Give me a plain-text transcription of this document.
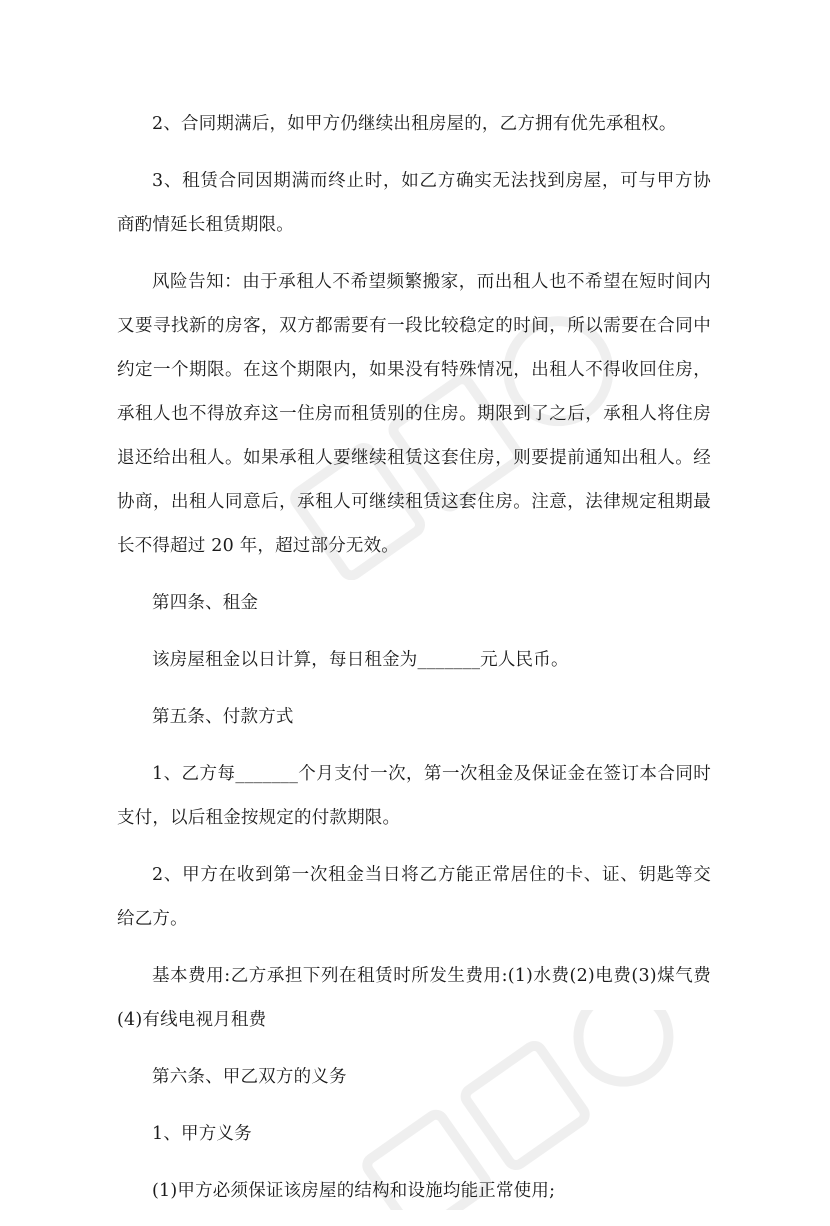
2、合同期满后，如甲方仍继续出租房屋的，乙方拥有优先承租权。

3、租赁合同因期满而终止时，如乙方确实无法找到房屋，可与甲方协商酌情延长租赁期限。

风险告知：由于承租人不希望频繁搬家，而出租人也不希望在短时间内又要寻找新的房客，双方都需要有一段比较稳定的时间，所以需要在合同中约定一个期限。在这个期限内，如果没有特殊情况，出租人不得收回住房，承租人也不得放弃这一住房而租赁别的住房。期限到了之后，承租人将住房退还给出租人。如果承租人要继续租赁这套住房，则要提前通知出租人。经协商，出租人同意后，承租人可继续租赁这套住房。注意，法律规定租期最长不得超过 20 年，超过部分无效。

第四条、租金

该房屋租金以日计算，每日租金为_______元人民币。

第五条、付款方式

1、乙方每_______个月支付一次，第一次租金及保证金在签订本合同时支付，以后租金按规定的付款期限。

2、甲方在收到第一次租金当日将乙方能正常居住的卡、证、钥匙等交给乙方。

基本费用:乙方承担下列在租赁时所发生费用:(1)水费(2)电费(3)煤气费(4)有线电视月租费

第六条、甲乙双方的义务

1、甲方义务

(1)甲方必须保证该房屋的结构和设施均能正常使用;
